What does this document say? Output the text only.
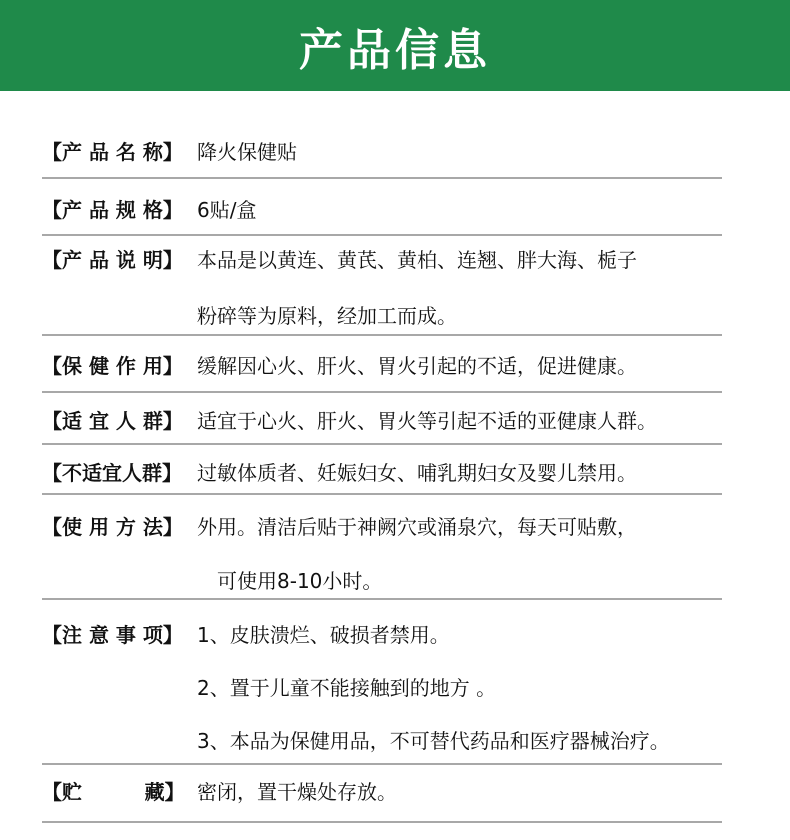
产品信息
【产 品 名 称】 降火保健贴
【产 品 规 格】 6贴/盒
【产 品 说 明】 本品是以黄连、黄芪、黄柏、连翘、胖大海、栀子
粉碎等为原料，经加工而成。
【保 健 作 用】 缓解因心火、肝火、胃火引起的不适，促进健康。
【适 宜 人 群】 适宜于心火、肝火、胃火等引起不适的亚健康人群。
【不适宜人群】 过敏体质者、妊娠妇女、哺乳期妇女及婴儿禁用。
【使 用 方 法】 外用。清洁后贴于神阙穴或涌泉穴，每天可贴敷，
可使用8-10小时。
【注 意 事 项】 1、皮肤溃烂、破损者禁用。
2、置于儿童不能接触到的地方 。
3、本品为保健用品，不可替代药品和医疗器械治疗。
【贮         藏】 密闭，置干燥处存放。
